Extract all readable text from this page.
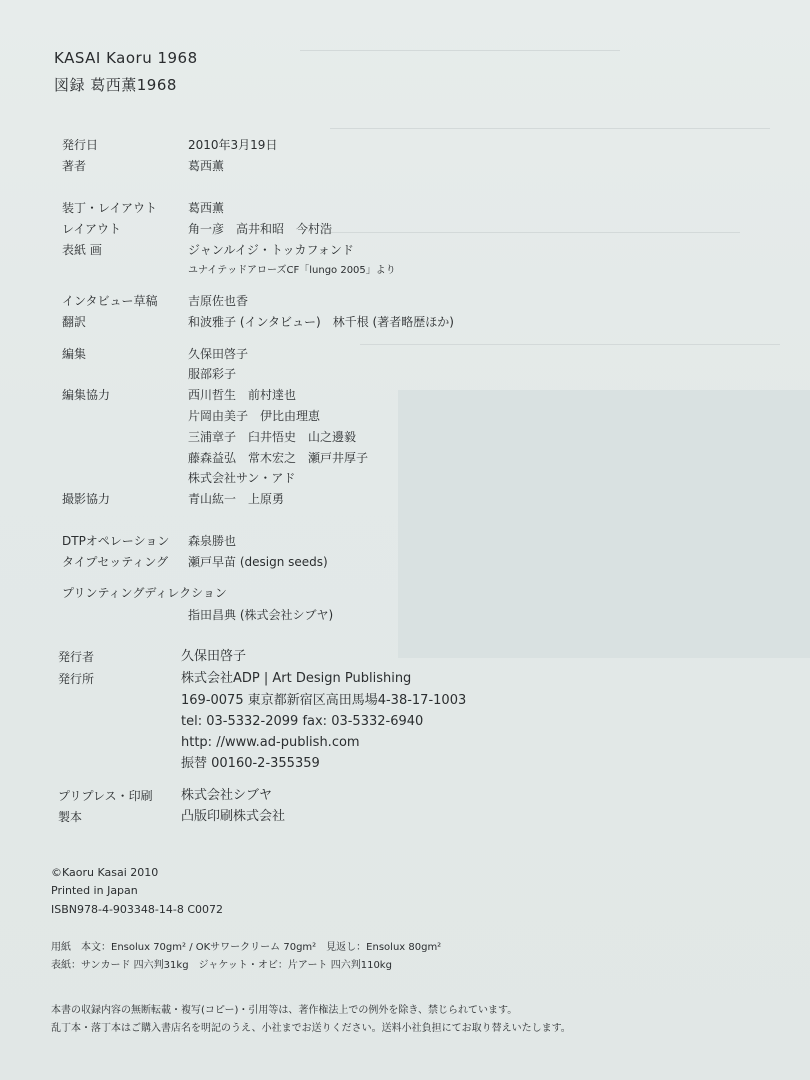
KASAI Kaoru 1968
図録 葛西薫1968
発行日	2010年3月19日
著者	葛西薫
装丁・レイアウト	葛西薫
レイアウト	角一彦　高井和昭　今村浩
表紙 画	ジャンルイジ・トッカフォンド
ユナイテッドアローズCF「lungo 2005」より
インタビュー草稿	吉原佐也香
翻訳	和波雅子 (インタビュー)　林千根 (著者略歴ほか)
編集	久保田啓子
服部彩子
編集協力	西川哲生　前村達也
片岡由美子　伊比由理恵
三浦章子　臼井悟史　山之邊毅
藤森益弘　常木宏之　瀬戸井厚子
株式会社サン・アド
撮影協力	青山紘一　上原勇
DTPオペレーション 森泉勝也
タイプセッティング 瀬戸早苗 (design seeds)
プリンティングディレクション
指田昌典 (株式会社シブヤ)
発行者	久保田啓子
発行所	株式会社ADP | Art Design Publishing
169-0075 東京都新宿区高田馬場4-38-17-1003
tel: 03-5332-2099 fax: 03-5332-6940
http: //www.ad-publish.com
振替 00160-2-355359
プリプレス・印刷 株式会社シブヤ
製本	凸版印刷株式会社
©Kaoru Kasai 2010
Printed in Japan
ISBN978-4-903348-14-8 C0072
用紙　本文：Ensolux 70gm² / OKサワークリーム 70gm²　見返し：Ensolux 80gm²
表紙：サンカード 四六判31kg　ジャケット・オビ：片アート 四六判110kg
本書の収録内容の無断転載・複写(コピー)・引用等は、著作権法上での例外を除き、禁じられています。
乱丁本・落丁本はご購入書店名を明記のうえ、小社までお送りください。送料小社負担にてお取り替えいたします。
